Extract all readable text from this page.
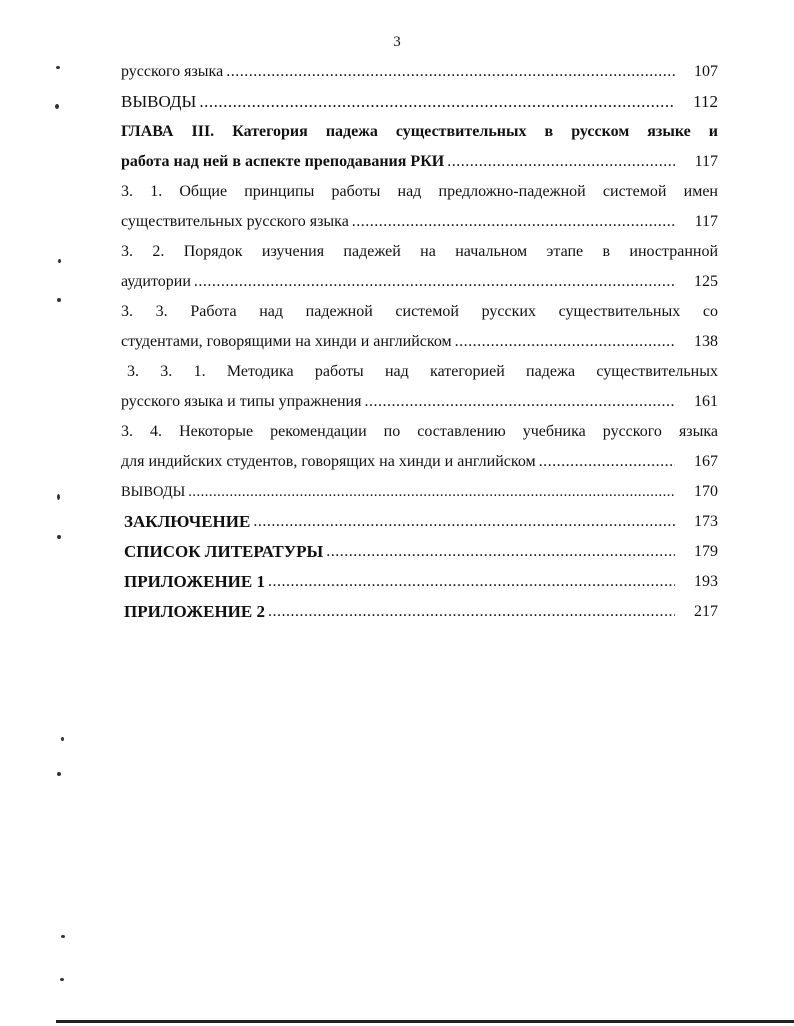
3
русского языка .....	107
ВЫВОДЫ .....	112
ГЛАВА III. Категория падежа существительных в русском языке и
работа над ней в аспекте преподавания РКИ .....	117
3. 1. Общие принципы работы над предложно-падежной системой имен
существительных русского языка .....	117
3. 2. Порядок изучения падежей на начальном этапе в иностранной
аудитории .....	125
3. 3. Работа над падежной системой русских существительных со
студентами, говорящими на хинди и английском .....	138
3. 3. 1. Методика работы над категорией падежа существительных
русского языка и типы упражнения .....	161
3. 4. Некоторые рекомендации по составлению учебника русского языка
для индийских студентов, говорящих на хинди и английском .....	167
ВЫВОДЫ .....	170
ЗАКЛЮЧЕНИЕ .....	173
СПИСОК ЛИТЕРАТУРЫ .....	179
ПРИЛОЖЕНИЕ 1 .....	193
ПРИЛОЖЕНИЕ 2 .....	217
